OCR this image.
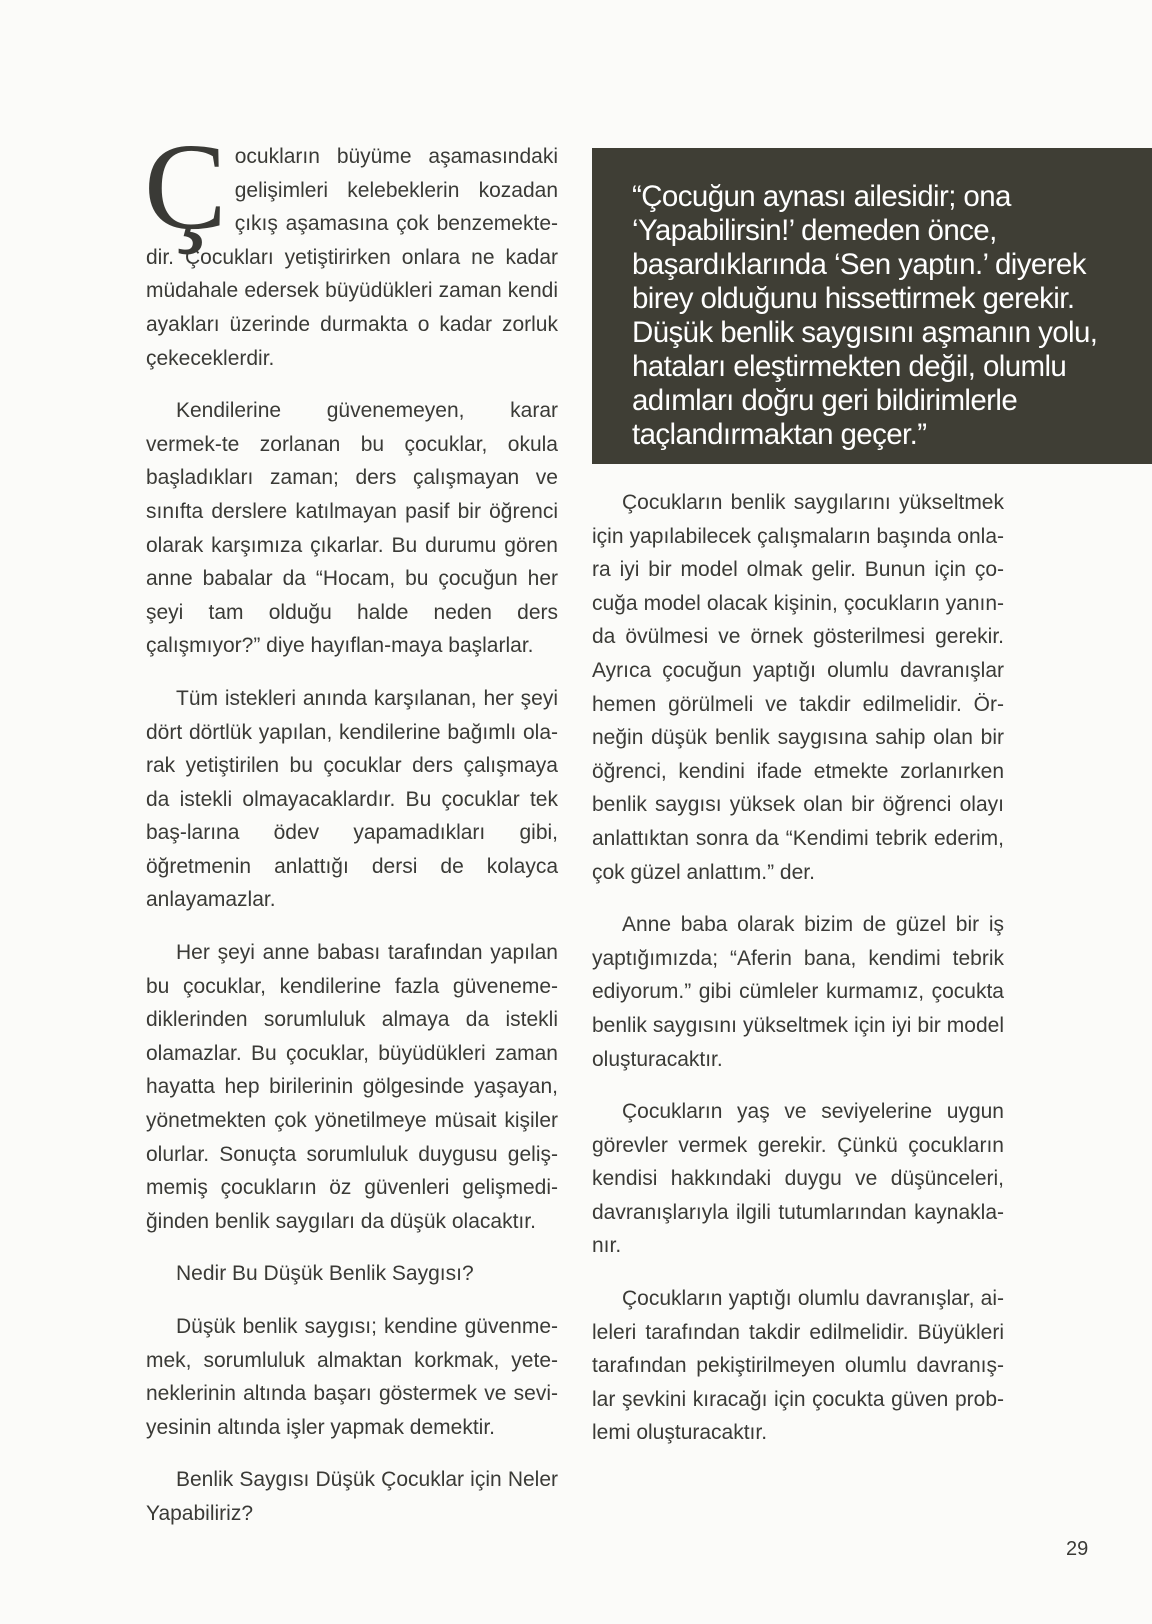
Çocukların büyüme aşamasındaki gelişimleri kelebeklerin kozadan çıkış aşamasına çok benzemekte-dir. Çocukları yetiştirirken onlara ne kadar müdahale edersek büyüdükleri zaman kendi ayakları üzerinde durmakta o kadar zorluk çekeceklerdir.

Kendilerine güvenemeyen, karar vermek-te zorlanan bu çocuklar, okula başladıkları zaman; ders çalışmayan ve sınıfta derslere katılmayan pasif bir öğrenci olarak karşımıza çıkarlar. Bu durumu gören anne babalar da “Hocam, bu çocuğun her şeyi tam olduğu halde neden ders çalışmıyor?” diye hayıflan-maya başlarlar.

Tüm istekleri anında karşılanan, her şeyi dört dörtlük yapılan, kendilerine bağımlı ola-rak yetiştirilen bu çocuklar ders çalışmaya da istekli olmayacaklardır. Bu çocuklar tek baş-larına ödev yapamadıkları gibi, öğretmenin anlattığı dersi de kolayca anlayamazlar.

Her şeyi anne babası tarafından yapılan bu çocuklar, kendilerine fazla güveneme-diklerinden sorumluluk almaya da istekli olamazlar. Bu çocuklar, büyüdükleri zaman hayatta hep birilerinin gölgesinde yaşayan, yönetmekten çok yönetilmeye müsait kişiler olurlar. Sonuçta sorumluluk duygusu geliş-memiş çocukların öz güvenleri gelişmedi-ğinden benlik saygıları da düşük olacaktır.

Nedir Bu Düşük Benlik Saygısı?

Düşük benlik saygısı; kendine güvenme-mek, sorumluluk almaktan korkmak, yete-neklerinin altında başarı göstermek ve sevi-yesinin altında işler yapmak demektir.

Benlik Saygısı Düşük Çocuklar için Neler Yapabiliriz?

“Çocuğun aynası ailesidir; ona ‘Yapabilirsin!’ demeden önce, başardıklarında ‘Sen yaptın.’ diyerek birey olduğunu hissettirmek gerekir. Düşük benlik saygısını aşmanın yolu, hataları eleştirmekten değil, olumlu adımları doğru geri bildirimlerle taçlandırmaktan geçer.”

Çocukların benlik saygılarını yükseltmek için yapılabilecek çalışmaların başında onla-ra iyi bir model olmak gelir. Bunun için ço-cuğa model olacak kişinin, çocukların yanın-da övülmesi ve örnek gösterilmesi gerekir. Ayrıca çocuğun yaptığı olumlu davranışlar hemen görülmeli ve takdir edilmelidir. Ör-neğin düşük benlik saygısına sahip olan bir öğrenci, kendini ifade etmekte zorlanırken benlik saygısı yüksek olan bir öğrenci olayı anlattıktan sonra da “Kendimi tebrik ederim, çok güzel anlattım.” der.

Anne baba olarak bizim de güzel bir iş yaptığımızda; “Aferin bana, kendimi tebrik ediyorum.” gibi cümleler kurmamız, çocukta benlik saygısını yükseltmek için iyi bir model oluşturacaktır.

Çocukların yaş ve seviyelerine uygun görevler vermek gerekir. Çünkü çocukların kendisi hakkındaki duygu ve düşünceleri, davranışlarıyla ilgili tutumlarından kaynakla-nır.

Çocukların yaptığı olumlu davranışlar, ai-leleri tarafından takdir edilmelidir. Büyükleri tarafından pekiştirilmeyen olumlu davranış-lar şevkini kıracağı için çocukta güven prob-lemi oluşturacaktır.

29
